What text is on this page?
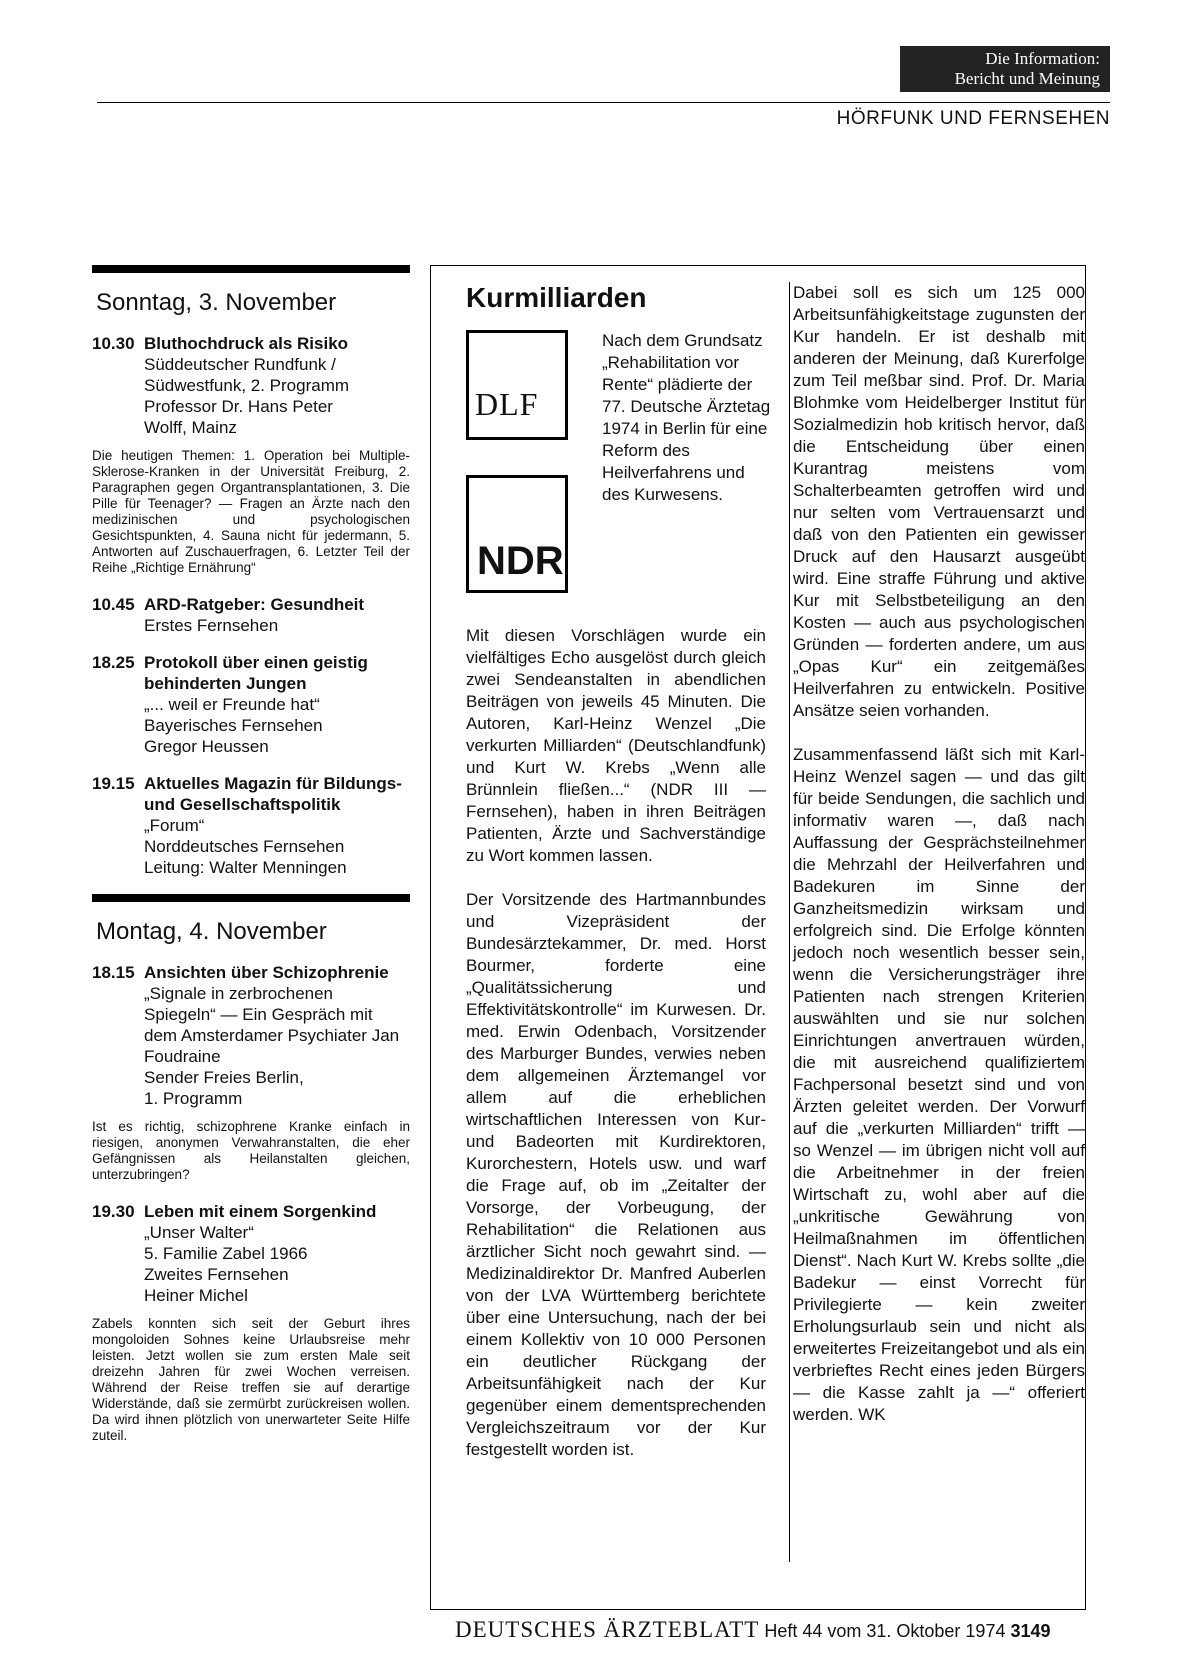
Die Information:
Bericht und Meinung
HÖRFUNK UND FERNSEHEN
Sonntag, 3. November
10.30 Bluthochdruck als Risiko
Süddeutscher Rundfunk /
Südwestfunk, 2. Programm
Professor Dr. Hans Peter
Wolff, Mainz
Die heutigen Themen: 1. Operation bei Multiple-Sklerose-Kranken in der Universität Freiburg, 2. Paragraphen gegen Organtransplantationen, 3. Die Pille für Teenager? — Fragen an Ärzte nach den medizinischen und psychologischen Gesichtspunkten, 4. Sauna nicht für jedermann, 5. Antworten auf Zuschauerfragen, 6. Letzter Teil der Reihe „Richtige Ernährung“
10.45 ARD-Ratgeber: Gesundheit
Erstes Fernsehen
18.25 Protokoll über einen geistig behinderten Jungen
„... weil er Freunde hat“
Bayerisches Fernsehen
Gregor Heussen
19.15 Aktuelles Magazin für Bildungs- und Gesellschaftspolitik
„Forum“
Norddeutsches Fernsehen
Leitung: Walter Menningen
Montag, 4. November
18.15 Ansichten über Schizophrenie
„Signale in zerbrochenen Spiegeln“ — Ein Gespräch mit dem Amsterdamer Psychiater Jan Foudraine
Sender Freies Berlin,
1. Programm
Ist es richtig, schizophrene Kranke einfach in riesigen, anonymen Verwahranstalten, die eher Gefängnissen als Heilanstalten gleichen, unterzubringen?
19.30 Leben mit einem Sorgenkind
„Unser Walter“
5. Familie Zabel 1966
Zweites Fernsehen
Heiner Michel
Zabels konnten sich seit der Geburt ihres mongoloiden Sohnes keine Urlaubsreise mehr leisten. Jetzt wollen sie zum ersten Male seit dreizehn Jahren für zwei Wochen verreisen. Während der Reise treffen sie auf derartige Widerstände, daß sie zermürbt zurückreisen wollen. Da wird ihnen plötzlich von unerwarteter Seite Hilfe zuteil.
Kurmilliarden
DLF
NDR
Nach dem Grundsatz „Rehabilitation vor Rente“ plädierte der 77. Deutsche Ärztetag 1974 in Berlin für eine Reform des Heilverfahrens und des Kurwesens.

Mit diesen Vorschlägen wurde ein vielfältiges Echo ausgelöst durch gleich zwei Sendeanstalten in abendlichen Beiträgen von jeweils 45 Minuten. Die Autoren, Karl-Heinz Wenzel „Die verkurten Milliarden“ (Deutschlandfunk) und Kurt W. Krebs „Wenn alle Brünnlein fließen...“ (NDR III — Fernsehen), haben in ihren Beiträgen Patienten, Ärzte und Sachverständige zu Wort kommen lassen.

Der Vorsitzende des Hartmannbundes und Vizepräsident der Bundesärztekammer, Dr. med. Horst Bourmer, forderte eine „Qualitätssicherung und Effektivitätskontrolle“ im Kurwesen. Dr. med. Erwin Odenbach, Vorsitzender des Marburger Bundes, verwies neben dem allgemeinen Ärztemangel vor allem auf die erheblichen wirtschaftlichen Interessen von Kur- und Badeorten mit Kurdirektoren, Kurorchestern, Hotels usw. und warf die Frage auf, ob im „Zeitalter der Vorsorge, der Vorbeugung, der Rehabilitation“ die Relationen aus ärztlicher Sicht noch gewahrt sind. — Medizinaldirektor Dr. Manfred Auberlen von der LVA Württemberg berichtete über eine Untersuchung, nach der bei einem Kollektiv von 10 000 Personen ein deutlicher Rückgang der Arbeitsunfähigkeit nach der Kur gegenüber einem dementsprechenden Vergleichszeitraum vor der Kur festgestellt worden ist.

Dabei soll es sich um 125 000 Arbeitsunfähigkeitstage zugunsten der Kur handeln. Er ist deshalb mit anderen der Meinung, daß Kurerfolge zum Teil meßbar sind. Prof. Dr. Maria Blohmke vom Heidelberger Institut für Sozialmedizin hob kritisch hervor, daß die Entscheidung über einen Kurantrag meistens vom Schalterbeamten getroffen wird und nur selten vom Vertrauensarzt und daß von den Patienten ein gewisser Druck auf den Hausarzt ausgeübt wird. Eine straffe Führung und aktive Kur mit Selbstbeteiligung an den Kosten — auch aus psychologischen Gründen — forderten andere, um aus „Opas Kur“ ein zeitgemäßes Heilverfahren zu entwickeln. Positive Ansätze seien vorhanden.

Zusammenfassend läßt sich mit Karl-Heinz Wenzel sagen — und das gilt für beide Sendungen, die sachlich und informativ waren —, daß nach Auffassung der Gesprächsteilnehmer die Mehrzahl der Heilverfahren und Badekuren im Sinne der Ganzheitsmedizin wirksam und erfolgreich sind. Die Erfolge könnten jedoch noch wesentlich besser sein, wenn die Versicherungsträger ihre Patienten nach strengen Kriterien auswählten und sie nur solchen Einrichtungen anvertrauen würden, die mit ausreichend qualifiziertem Fachpersonal besetzt sind und von Ärzten geleitet werden. Der Vorwurf auf die „verkurten Milliarden“ trifft — so Wenzel — im übrigen nicht voll auf die Arbeitnehmer in der freien Wirtschaft zu, wohl aber auf die „unkritische Gewährung von Heilmaßnahmen im öffentlichen Dienst“. Nach Kurt W. Krebs sollte „die Badekur — einst Vorrecht für Privilegierte — kein zweiter Erholungsurlaub sein und nicht als erweitertes Freizeitangebot und als ein verbrieftes Recht eines jeden Bürgers — die Kasse zahlt ja —“ offeriert werden. WK

DEUTSCHES ÄRZTEBLATT Heft 44 vom 31. Oktober 1974 3149
